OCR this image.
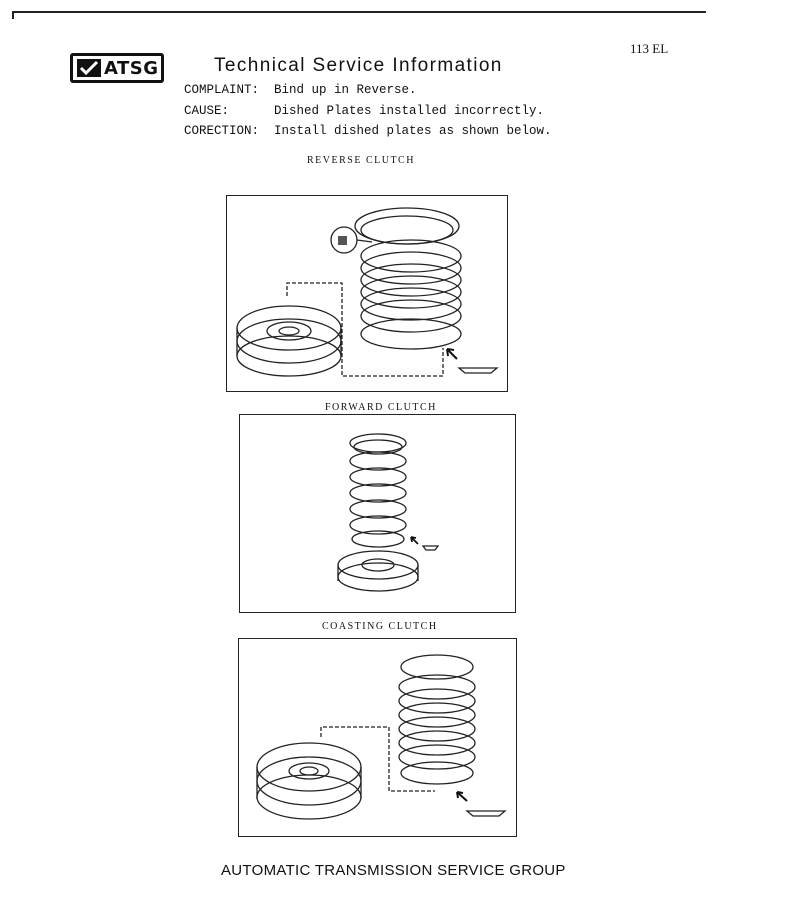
113 EL
ATSG	Technical Service Information
COMPLAINT: Bind up in Reverse.
CAUSE:	Dished Plates installed incorrectly.
CORECTION: Install dished plates as shown below.
REVERSE CLUTCH
FORWARD CLUTCH
COASTING CLUTCH
AUTOMATIC TRANSMISSION SERVICE GROUP
